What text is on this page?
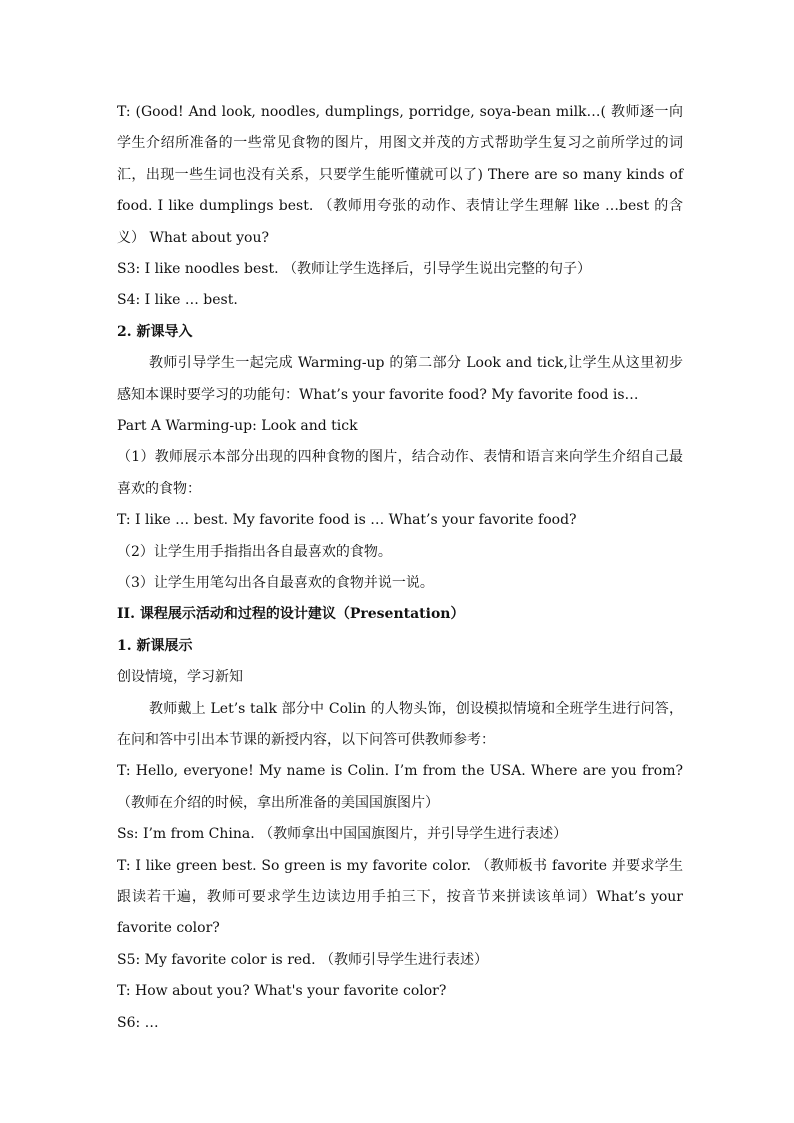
T: (Good! And look, noodles, dumplings, porridge, soya-bean milk…( 教师逐一向学生介绍所准备的一些常见食物的图片，用图文并茂的方式帮助学生复习之前所学过的词汇，出现一些生词也没有关系，只要学生能听懂就可以了) There are so many kinds of food. I like dumplings best. （教师用夸张的动作、表情让学生理解 like …best 的含义） What about you?
S3: I like noodles best. （教师让学生选择后，引导学生说出完整的句子）
S4: I like … best.
2. 新课导入
教师引导学生一起完成 Warming-up 的第二部分 Look and tick,让学生从这里初步感知本课时要学习的功能句：What’s your favorite food? My favorite food is…
Part A Warming-up: Look and tick
（1）教师展示本部分出现的四种食物的图片，结合动作、表情和语言来向学生介绍自己最喜欢的食物：
T: I like … best. My favorite food is … What’s your favorite food?
（2）让学生用手指指出各自最喜欢的食物。
（3）让学生用笔勾出各自最喜欢的食物并说一说。
II. 课程展示活动和过程的设计建议（Presentation）
1. 新课展示
创设情境，学习新知
教师戴上 Let’s talk 部分中 Colin 的人物头饰，创设模拟情境和全班学生进行问答，在问和答中引出本节课的新授内容，以下问答可供教师参考：
T: Hello, everyone! My name is Colin. I’m from the USA. Where are you from? （教师在介绍的时候，拿出所准备的美国国旗图片）
Ss: I’m from China. （教师拿出中国国旗图片，并引导学生进行表述）
T: I like green best. So green is my favorite color. （教师板书 favorite 并要求学生跟读若干遍，教师可要求学生边读边用手拍三下，按音节来拼读该单词）What’s your favorite color?
S5: My favorite color is red. （教师引导学生进行表述）
T: How about you? What's your favorite color?
S6: …
